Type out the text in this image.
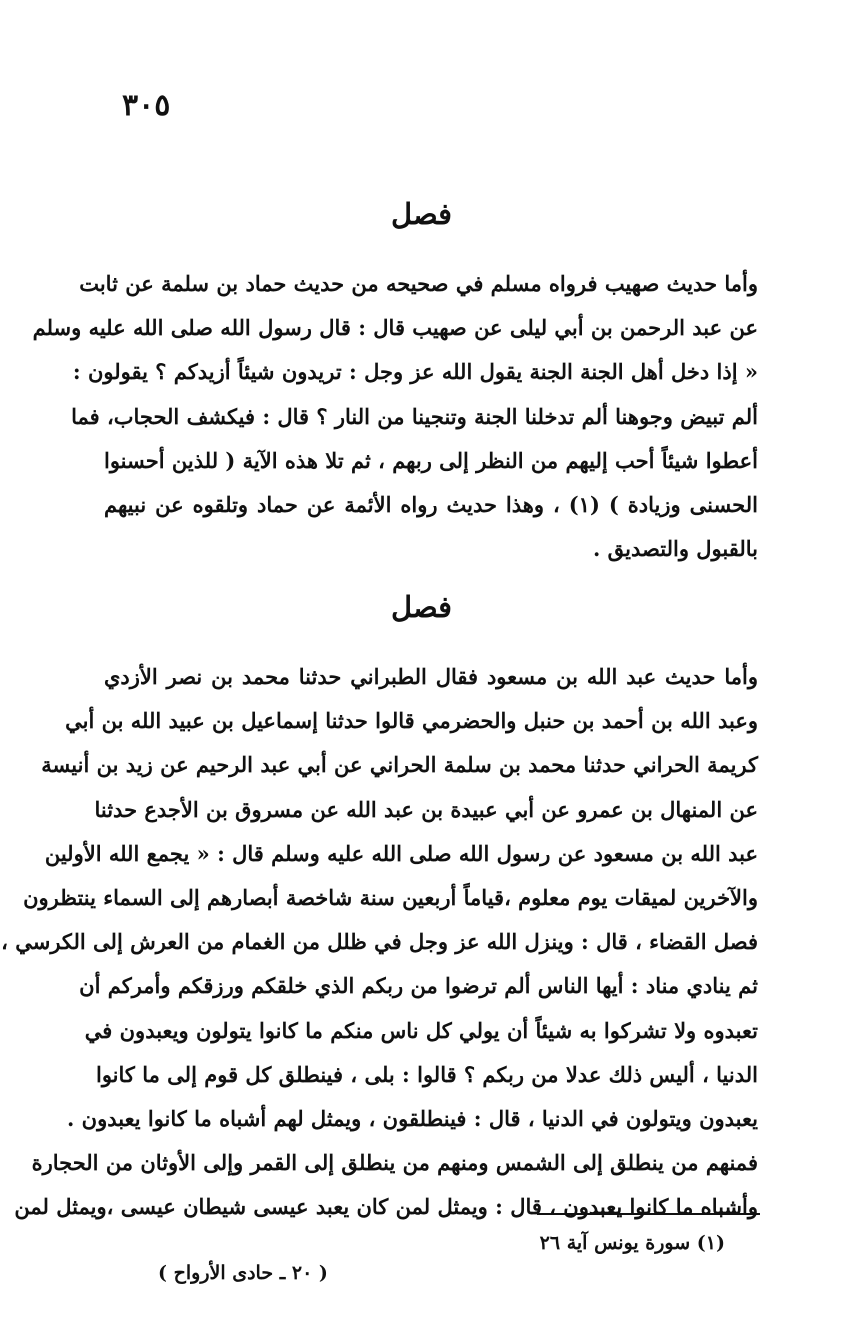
٣٠٥
فصل
وأما حديث صهيب فرواه مسلم في صحيحه من حديث حماد بن سلمة عن ثابت
عن عبد الرحمن بن أبي ليلى عن صهيب قال : قال رسول الله صلى الله عليه وسلم
« إذا دخل أهل الجنة الجنة يقول الله عز وجل : تريدون شيئاً أزيدكم ؟ يقولون :
ألم تبيض وجوهنا ألم تدخلنا الجنة وتنجينا من النار ؟ قال : فيكشف الحجاب، فما
أعطوا شيئاً أحب إليهم من النظر إلى ربهم ، ثم تلا هذه الآية ( للذين أحسنوا
الحسنى وزيادة ) (١) ، وهذا حديث رواه الأئمة عن حماد وتلقوه عن نبيهم
بالقبول والتصديق .
فصل
وأما حديث عبد الله بن مسعود فقال الطبراني حدثنا محمد بن نصر الأزدي
وعبد الله بن أحمد بن حنبل والحضرمي قالوا حدثنا إسماعيل بن عبيد الله بن أبي
كريمة الحراني حدثنا محمد بن سلمة الحراني عن أبي عبد الرحيم عن زيد بن أنيسة
عن المنهال بن عمرو عن أبي عبيدة بن عبد الله عن مسروق بن الأجدع حدثنا
عبد الله بن مسعود عن رسول الله صلى الله عليه وسلم قال : « يجمع الله الأولين
والآخرين لميقات يوم معلوم ،قياماً أربعين سنة شاخصة أبصارهم إلى السماء ينتظرون
فصل القضاء ، قال : وينزل الله عز وجل في ظلل من الغمام من العرش إلى الكرسي ،
ثم ينادي مناد : أيها الناس ألم ترضوا من ربكم الذي خلقكم ورزقكم وأمركم أن
تعبدوه ولا تشركوا به شيئاً أن يولي كل ناس منكم ما كانوا يتولون ويعبدون في
الدنيا ، أليس ذلك عدلا من ربكم ؟ قالوا : بلى ، فينطلق كل قوم إلى ما كانوا
يعبدون ويتولون في الدنيا ، قال : فينطلقون ، ويمثل لهم أشباه ما كانوا يعبدون .
فمنهم من ينطلق إلى الشمس ومنهم من ينطلق إلى القمر وإلى الأوثان من الحجارة
وأشباه ما كانوا يعبدون ، قال : ويمثل لمن كان يعبد عيسى شيطان عيسى ،ويمثل لمن
(١) سورة يونس آية ٢٦
( ٢٠ ـ حادى الأرواح )
